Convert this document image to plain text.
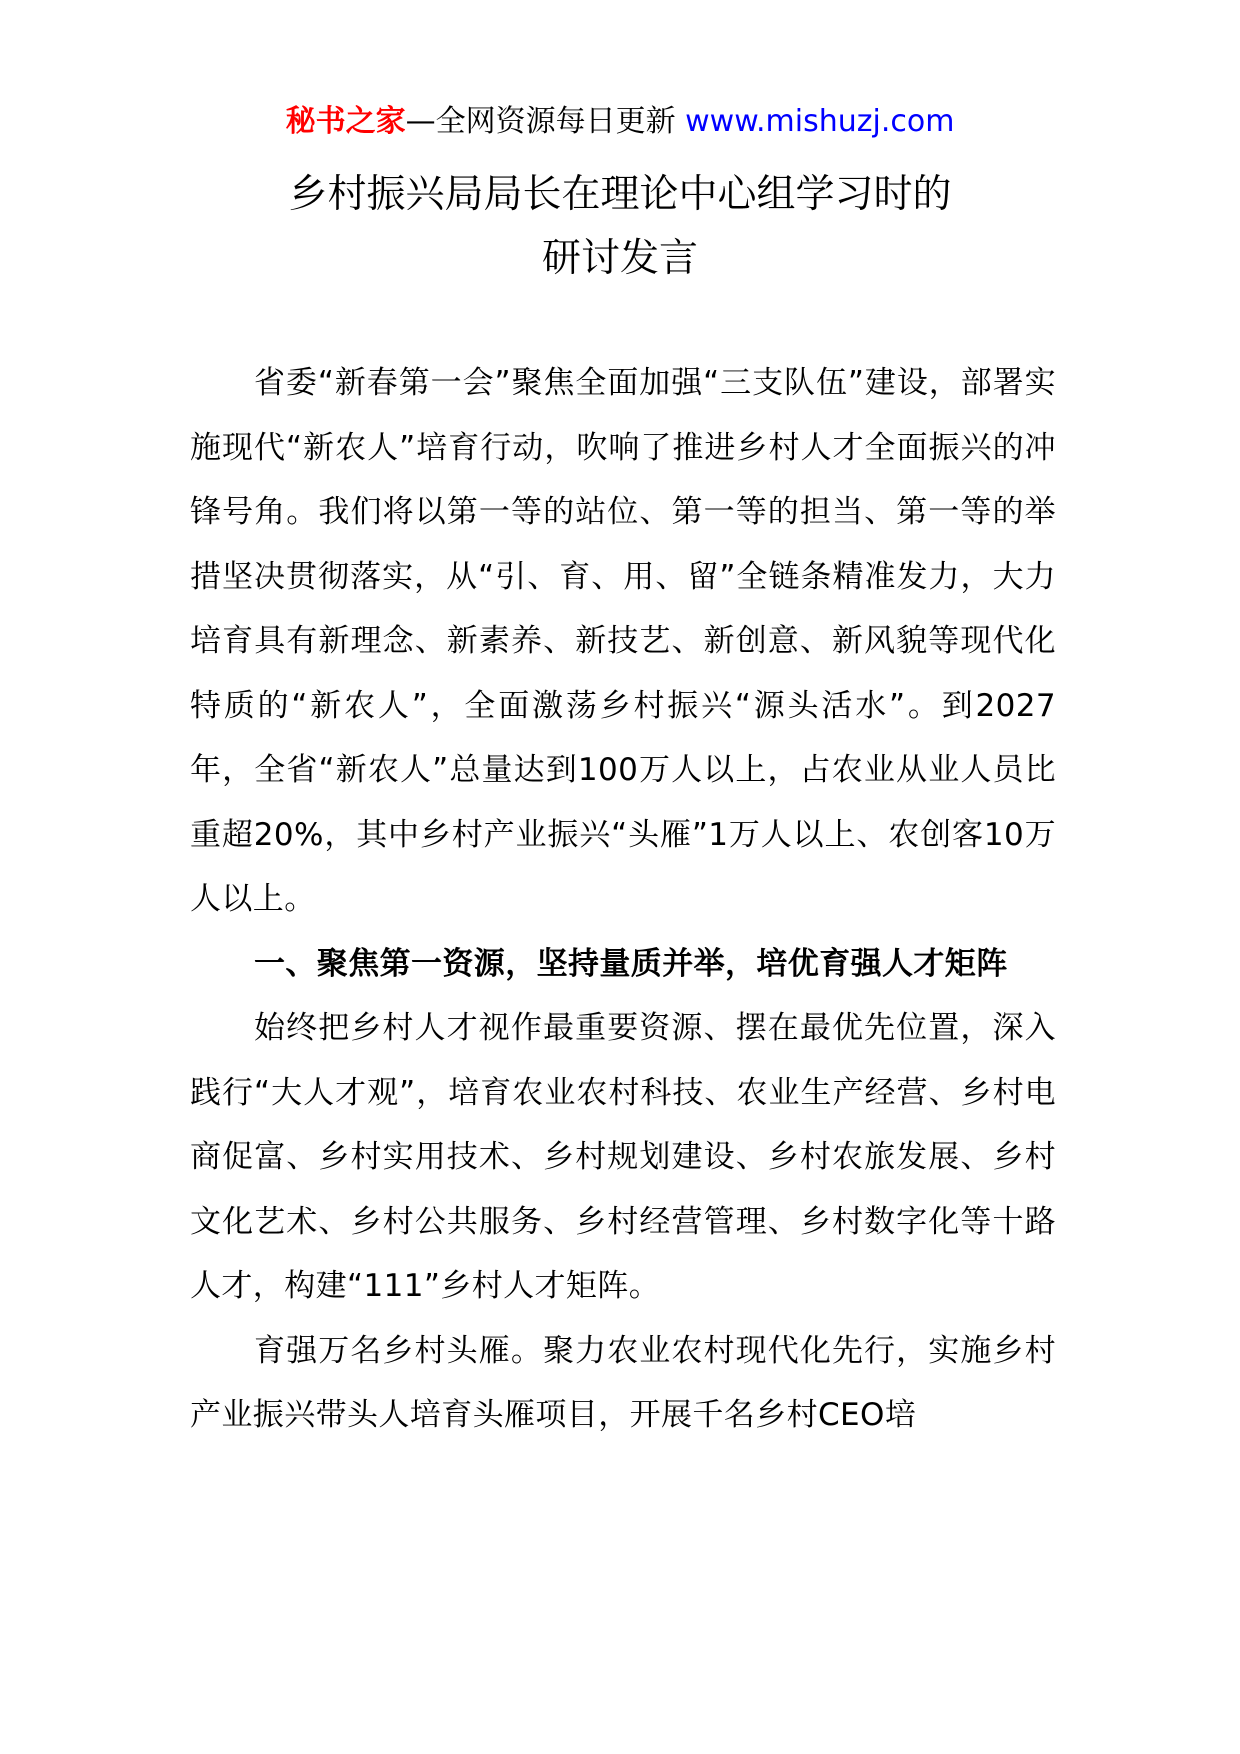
秘书之家—全网资源每日更新 www.mishuzj.com
乡村振兴局局长在理论中心组学习时的
研讨发言

省委“新春第一会”聚焦全面加强“三支队伍”建设，部署实施现代“新农人”培育行动，吹响了推进乡村人才全面振兴的冲锋号角。我们将以第一等的站位、第一等的担当、第一等的举措坚决贯彻落实，从“引、育、用、留”全链条精准发力，大力培育具有新理念、新素养、新技艺、新创意、新风貌等现代化特质的“新农人”，全面激荡乡村振兴“源头活水”。到2027年，全省“新农人”总量达到100万人以上，占农业从业人员比重超20%，其中乡村产业振兴“头雁”1万人以上、农创客10万人以上。

一、聚焦第一资源，坚持量质并举，培优育强人才矩阵

始终把乡村人才视作最重要资源、摆在最优先位置，深入践行“大人才观”，培育农业农村科技、农业生产经营、乡村电商促富、乡村实用技术、乡村规划建设、乡村农旅发展、乡村文化艺术、乡村公共服务、乡村经营管理、乡村数字化等十路人才，构建“111”乡村人才矩阵。

育强万名乡村头雁。聚力农业农村现代化先行，实施乡村产业振兴带头人培育头雁项目，开展千名乡村CEO培
